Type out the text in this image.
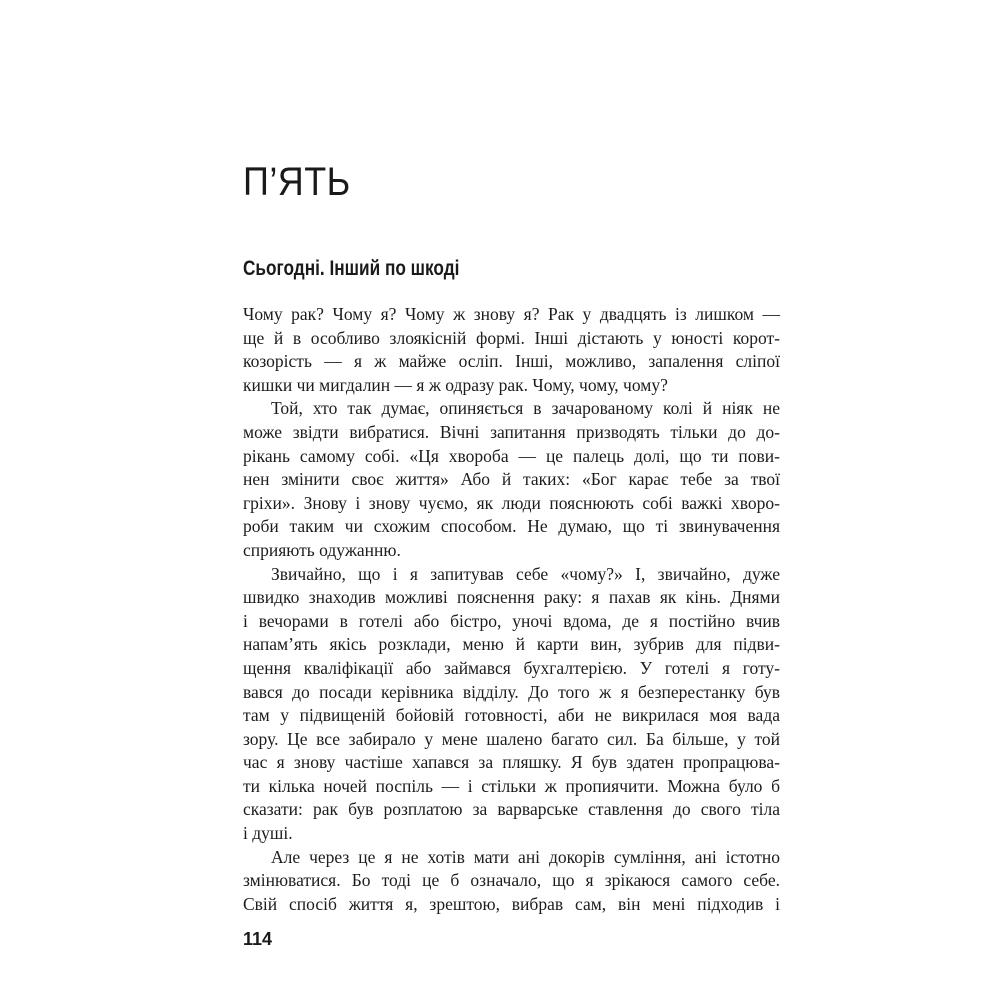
П’ЯТЬ
Сьогодні. Інший по шкоді
Чому рак? Чому я? Чому ж знову я? Рак у двадцять із лишком —
ще й в особливо злоякісній формі. Інші дістають у юності корот-
козорість — я ж майже осліп. Інші, можливо, запалення сліпої
кишки чи мигдалин — я ж одразу рак. Чому, чому, чому?
Той, хто так думає, опиняється в зачарованому колі й ніяк не
може звідти вибратися. Вічні запитання призводять тільки до до-
рікань самому собі. «Ця хвороба — це палець долі, що ти пови-
нен змінити своє життя» Або й таких: «Бог карає тебе за твої
гріхи». Знову і знову чуємо, як люди пояснюють собі важкі хворо-
роби таким чи схожим способом. Не думаю, що ті звинувачення
сприяють одужанню.
Звичайно, що і я запитував себе «чому?» І, звичайно, дуже
швидко знаходив можливі пояснення раку: я пахав як кінь. Днями
і вечорами в готелі або бістро, уночі вдома, де я постійно вчив
напам’ять якісь розклади, меню й карти вин, зубрив для підви-
щення кваліфікації або займався бухгалтерією. У готелі я готу-
вався до посади керівника відділу. До того ж я безперестанку був
там у підвищеній бойовій готовності, аби не викрилася моя вада
зору. Це все забирало у мене шалено багато сил. Ба більше, у той
час я знову частіше хапався за пляшку. Я був здатен пропрацюва-
ти кілька ночей поспіль — і стільки ж пропиячити. Можна було б
сказати: рак був розплатою за варварське ставлення до свого тіла
і душі.
Але через це я не хотів мати ані докорів сумління, ані істотно
змінюватися. Бо тоді це б означало, що я зрікаюся самого себе.
Свій спосіб життя я, зрештою, вибрав сам, він мені підходив і
114
